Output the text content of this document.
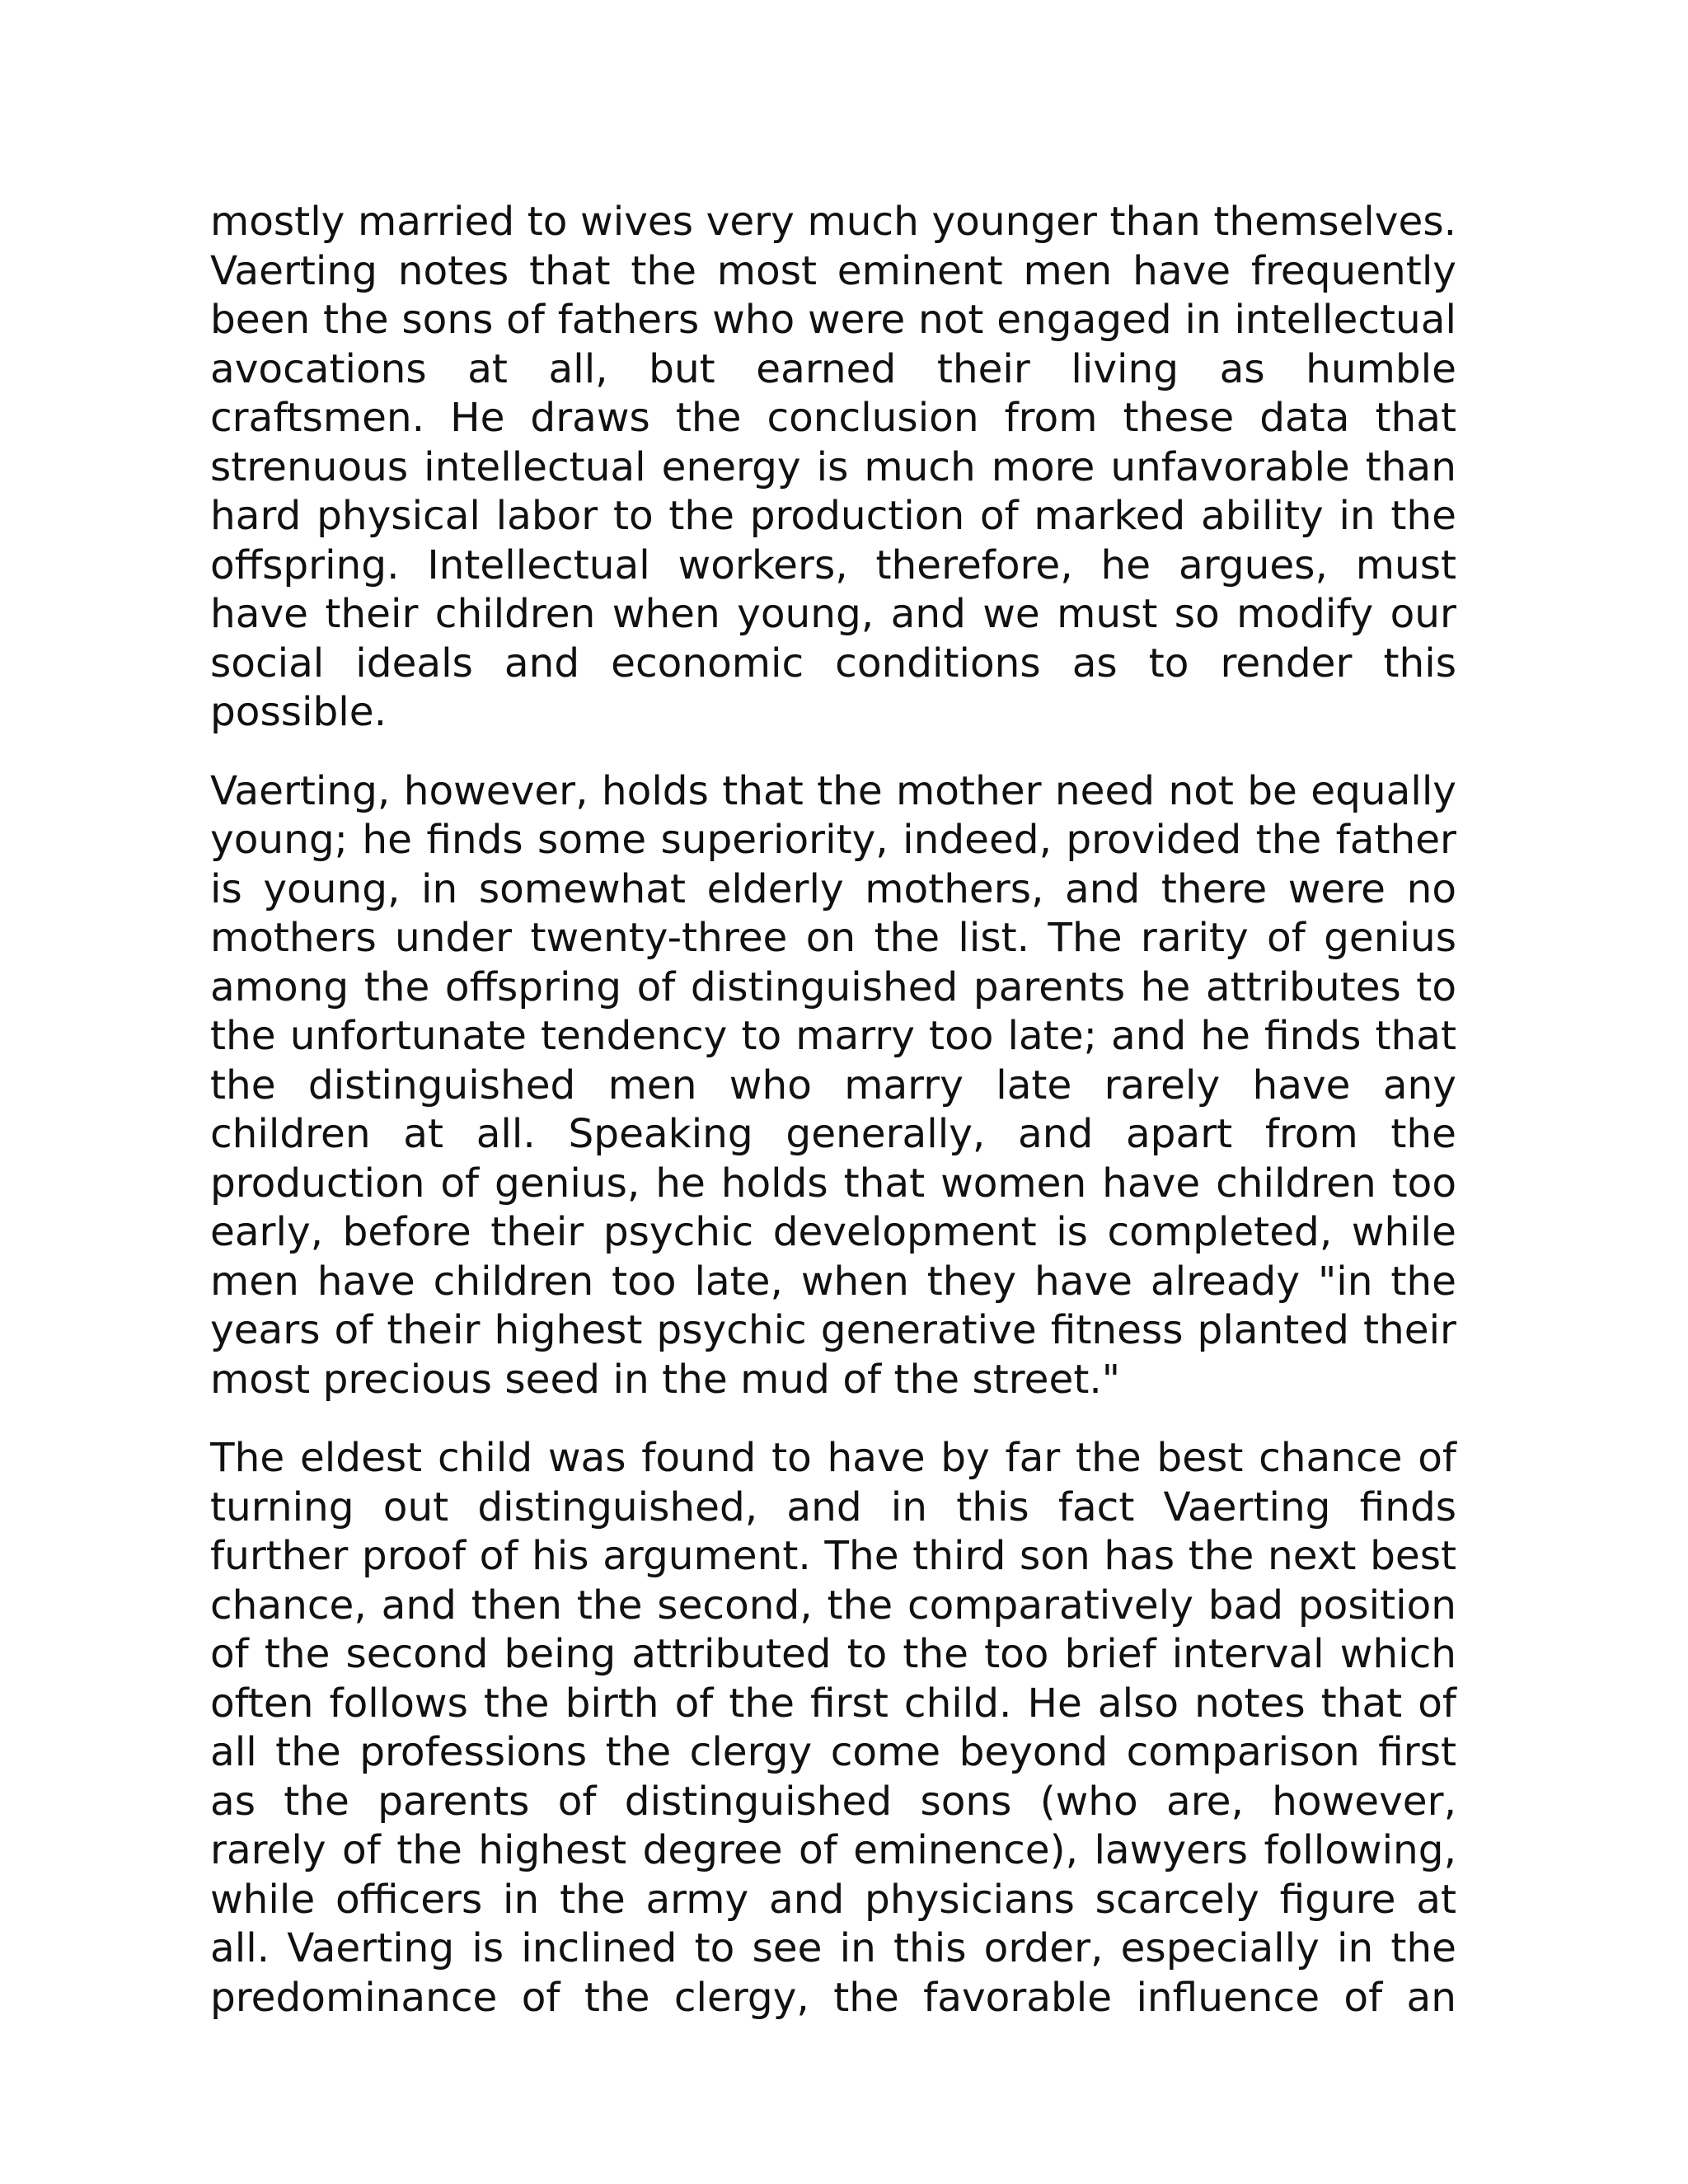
mostly married to wives very much younger than themselves. Vaerting notes that the most eminent men have frequently been the sons of fathers who were not engaged in intellectual avocations at all, but earned their living as humble craftsmen. He draws the conclusion from these data that strenuous intellectual energy is much more unfavorable than hard physical labor to the production of marked ability in the offspring. Intellectual workers, therefore, he argues, must have their children when young, and we must so modify our social ideals and economic conditions as to render this possible.

Vaerting, however, holds that the mother need not be equally young; he finds some superiority, indeed, provided the father is young, in somewhat elderly mothers, and there were no mothers under twenty-three on the list. The rarity of genius among the offspring of distinguished parents he attributes to the unfortunate tendency to marry too late; and he finds that the distinguished men who marry late rarely have any children at all. Speaking generally, and apart from the production of genius, he holds that women have children too early, before their psychic development is completed, while men have children too late, when they have already "in the years of their highest psychic generative fitness planted their most precious seed in the mud of the street."

The eldest child was found to have by far the best chance of turning out distinguished, and in this fact Vaerting finds further proof of his argument. The third son has the next best chance, and then the second, the comparatively bad position of the second being attributed to the too brief interval which often follows the birth of the first child. He also notes that of all the professions the clergy come beyond comparison first as the parents of distinguished sons (who are, however, rarely of the highest degree of eminence), lawyers following, while officers in the army and physicians scarcely figure at all. Vaerting is inclined to see in this order, especially in the predominance of the clergy, the favorable influence of an
